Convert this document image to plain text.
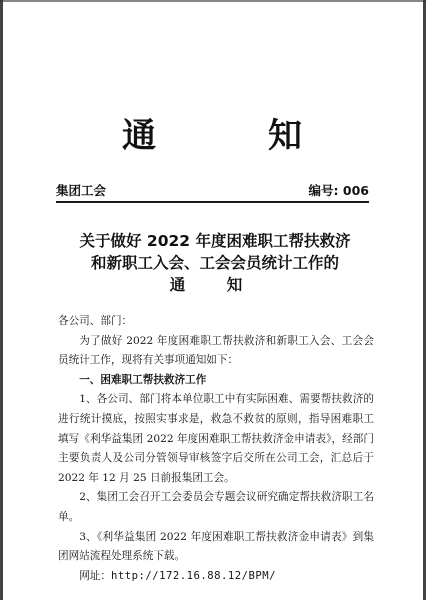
通	知
集团工会	编号: 006
关于做好 2022 年度困难职工帮扶救济
和新职工入会、工会会员统计工作的
通 知

各公司、部门：

为了做好 2022 年度困难职工帮扶救济和新职工入会、工会会员统计工作，现将有关事项通知如下：

一、困难职工帮扶救济工作

1、各公司、部门将本单位职工中有实际困难、需要帮扶救济的进行统计摸底，按照实事求是，救急不救贫的原则，指导困难职工填写《利华益集团 2022 年度困难职工帮扶救济金申请表》，经部门主要负责人及公司分管领导审核签字后交所在公司工会，汇总后于 2022 年 12 月 25 日前报集团工会。

2、集团工会召开工会委员会专题会议研究确定帮扶救济职工名单。

3、《利华益集团 2022 年度困难职工帮扶救济金申请表》到集团网站流程处理系统下载。

网址：http://172.16.88.12/BPM/
